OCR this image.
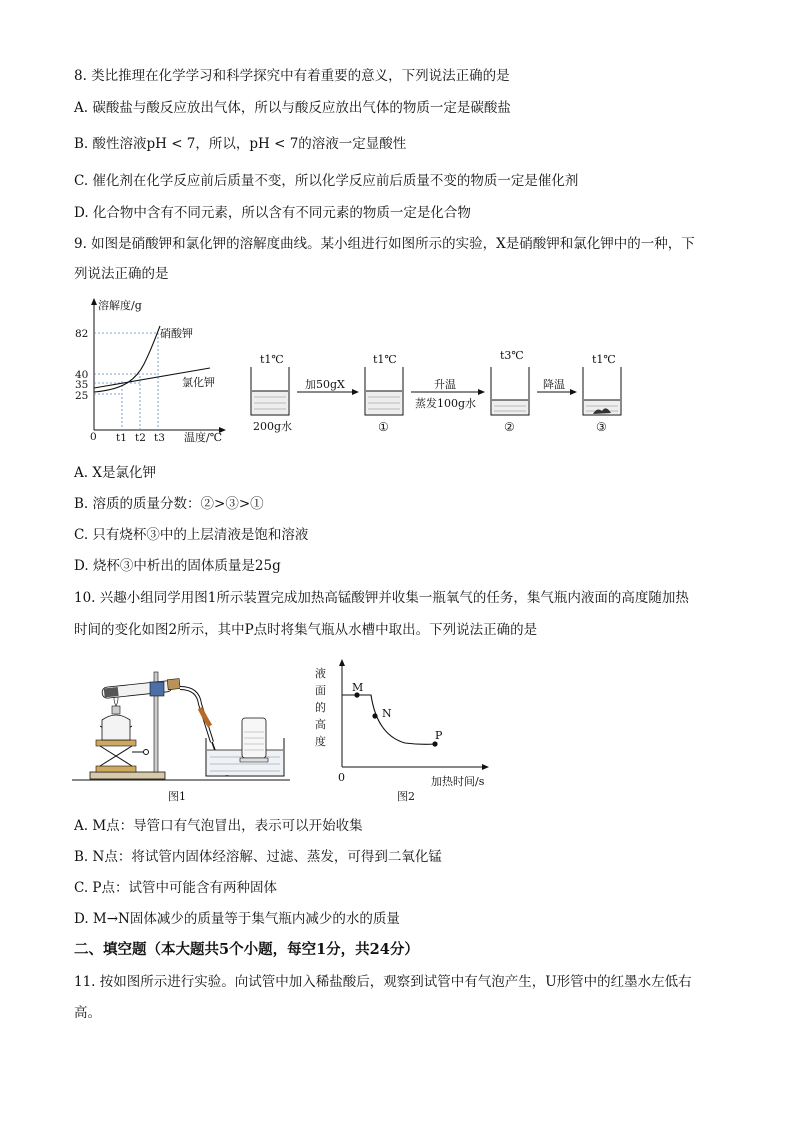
8. 类比推理在化学学习和科学探究中有着重要的意义，下列说法正确的是
A. 碳酸盐与酸反应放出气体，所以与酸反应放出气体的物质一定是碳酸盐
B. 酸性溶液pH < 7，所以，pH < 7的溶液一定显酸性
C. 催化剂在化学反应前后质量不变，所以化学反应前后质量不变的物质一定是催化剂
D. 化合物中含有不同元素，所以含有不同元素的物质一定是化合物
9. 如图是硝酸钾和氯化钾的溶解度曲线。某小组进行如图所示的实验，X是硝酸钾和氯化钾中的一种，下
列说法正确的是
溶解度/g
82
40
35
25
0 t1 t2 t3 温度/℃
硝酸钾
氯化钾
t1℃	t1℃	t3℃	t1℃
加50gX	升温
蒸发100g水
降温
200g水	①	②	③
A. X是氯化钾
B. 溶质的质量分数：②>③>①
C. 只有烧杯③中的上层清液是饱和溶液
D. 烧杯③中析出的固体质量是25g
10. 兴趣小组同学用图1所示装置完成加热高锰酸钾并收集一瓶氧气的任务，集气瓶内液面的高度随加热
时间的变化如图2所示，其中P点时将集气瓶从水槽中取出。下列说法正确的是
图1
M
N
P
液
面
的
高
度
0	加热时间/s
图2
A. M点：导管口有气泡冒出，表示可以开始收集
B. N点：将试管内固体经溶解、过滤、蒸发，可得到二氧化锰
C. P点：试管中可能含有两种固体
D. M→N固体减少的质量等于集气瓶内减少的水的质量
二、填空题（本大题共5个小题，每空1分，共24分）
11. 按如图所示进行实验。向试管中加入稀盐酸后，观察到试管中有气泡产生，U形管中的红墨水左低右
高。
